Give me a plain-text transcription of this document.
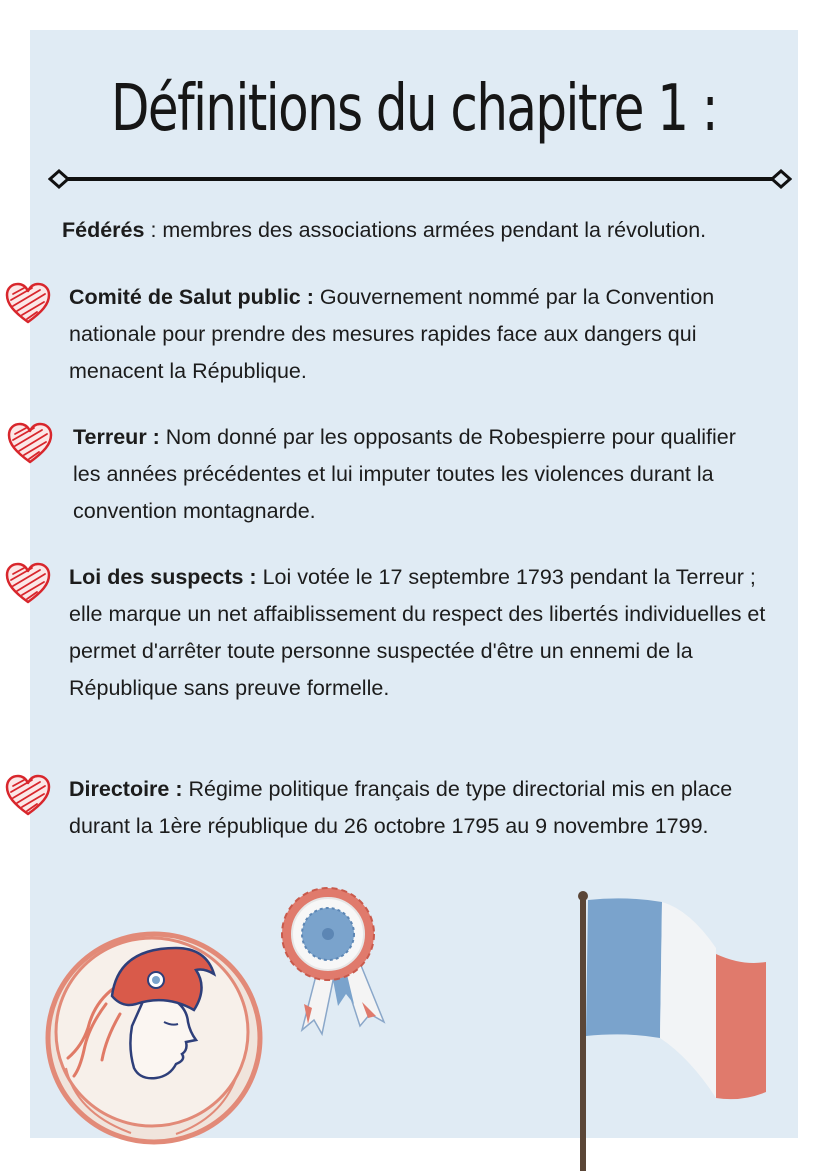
Définitions du chapitre 1 :
Fédérés : membres des associations armées pendant la révolution.
Comité de Salut public : Gouvernement nommé par la Convention nationale pour prendre des mesures rapides face aux dangers qui menacent la République.
Terreur : Nom donné par les opposants de Robespierre pour qualifier les années précédentes et lui imputer toutes les violences durant la convention montagnarde.
Loi des suspects : Loi votée le 17 septembre 1793 pendant la Terreur ; elle marque un net affaiblissement du respect des libertés individuelles et permet d'arrêter toute personne suspectée d'être un ennemi de la République sans preuve formelle.
Directoire : Régime politique français de type directorial mis en place durant la 1ère république du 26 octobre 1795 au 9 novembre 1799.
